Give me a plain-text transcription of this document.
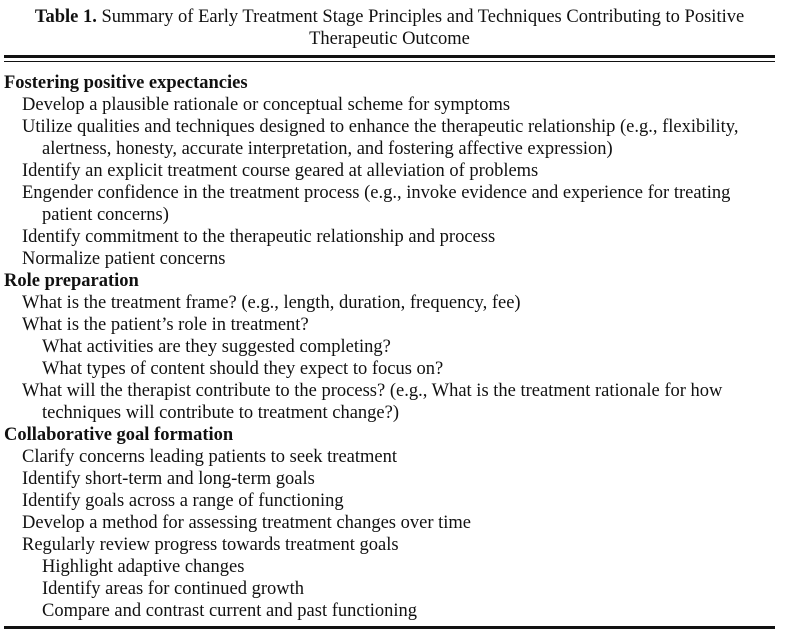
Table 1. Summary of Early Treatment Stage Principles and Techniques Contributing to Positive Therapeutic Outcome

Fostering positive expectancies
Develop a plausible rationale or conceptual scheme for symptoms
Utilize qualities and techniques designed to enhance the therapeutic relationship (e.g., flexibility, alertness, honesty, accurate interpretation, and fostering affective expression)
Identify an explicit treatment course geared at alleviation of problems
Engender confidence in the treatment process (e.g., invoke evidence and experience for treating patient concerns)
Identify commitment to the therapeutic relationship and process
Normalize patient concerns
Role preparation
What is the treatment frame? (e.g., length, duration, frequency, fee)
What is the patient’s role in treatment?
What activities are they suggested completing?
What types of content should they expect to focus on?
What will the therapist contribute to the process? (e.g., What is the treatment rationale for how techniques will contribute to treatment change?)
Collaborative goal formation
Clarify concerns leading patients to seek treatment
Identify short-term and long-term goals
Identify goals across a range of functioning
Develop a method for assessing treatment changes over time
Regularly review progress towards treatment goals
Highlight adaptive changes
Identify areas for continued growth
Compare and contrast current and past functioning
